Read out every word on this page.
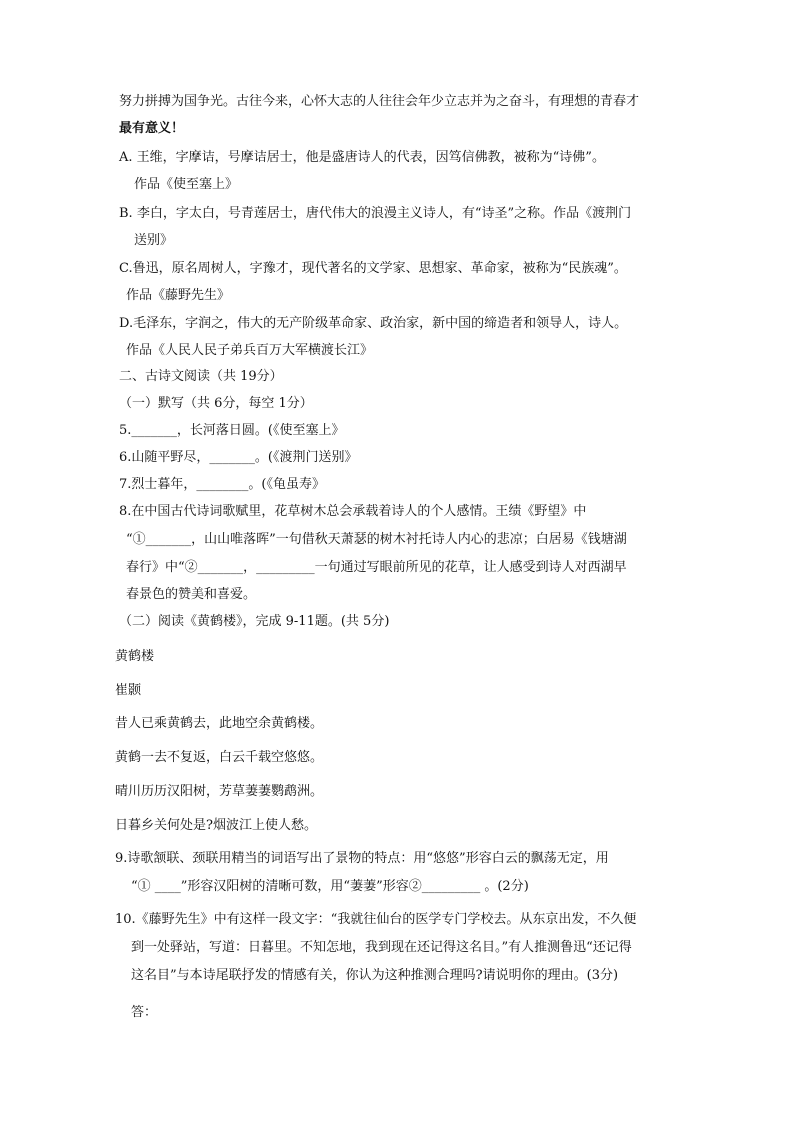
努力拼搏为国争光。古往今来，心怀大志的人往往会年少立志并为之奋斗，有理想的青春才
最有意义！
A. 王维，字摩诘，号摩诘居士，他是盛唐诗人的代表，因笃信佛教，被称为“诗佛”。
作品《使至塞上》
B. 李白，字太白，号青莲居士，唐代伟大的浪漫主义诗人，有“诗圣”之称。作品《渡荆门
送别》
C.鲁迅，原名周树人，字豫才，现代著名的文学家、思想家、革命家，被称为“民族魂”。
作品《藤野先生》
D.毛泽东，字润之，伟大的无产阶级革命家、政治家，新中国的缔造者和领导人，诗人。
作品《人民人民子弟兵百万大军横渡长江》
二、古诗文阅读（共 19分）
（一）默写（共 6分，每空 1分）
5._______，长河落日圆。(《使至塞上》
6.山随平野尽，_______。(《渡荆门送别》
7.烈士暮年，________。(《龟虽寿》
8.在中国古代诗词歌赋里，花草树木总会承载着诗人的个人感情。王绩《野望》中
“①_______，山山唯落晖”一句借秋天萧瑟的树木衬托诗人内心的悲凉；白居易《钱塘湖
春行》中“②_______，_________一句通过写眼前所见的花草，让人感受到诗人对西湖早
春景色的赞美和喜爱。
（二）阅读《黄鹤楼》，完成 9-11题。(共 5分)
黄鹤楼
崔颢
昔人已乘黄鹤去，此地空余黄鹤楼。
黄鹤一去不复返，白云千载空悠悠。
晴川历历汉阳树，芳草萋萋鹦鹉洲。
日暮乡关何处是?烟波江上使人愁。
9.诗歌颔联、颈联用精当的词语写出了景物的特点：用“悠悠”形容白云的飘荡无定，用
“① ____”形容汉阳树的清晰可数，用“萋萋”形容②_________ 。(2分)
10.《藤野先生》中有这样一段文字：“我就往仙台的医学专门学校去。从东京出发，不久便
到一处驿站，写道：日暮里。不知怎地，我到现在还记得这名目。”有人推测鲁迅“还记得
这名目”与本诗尾联抒发的情感有关，你认为这种推测合理吗?请说明你的理由。(3分)
答：
